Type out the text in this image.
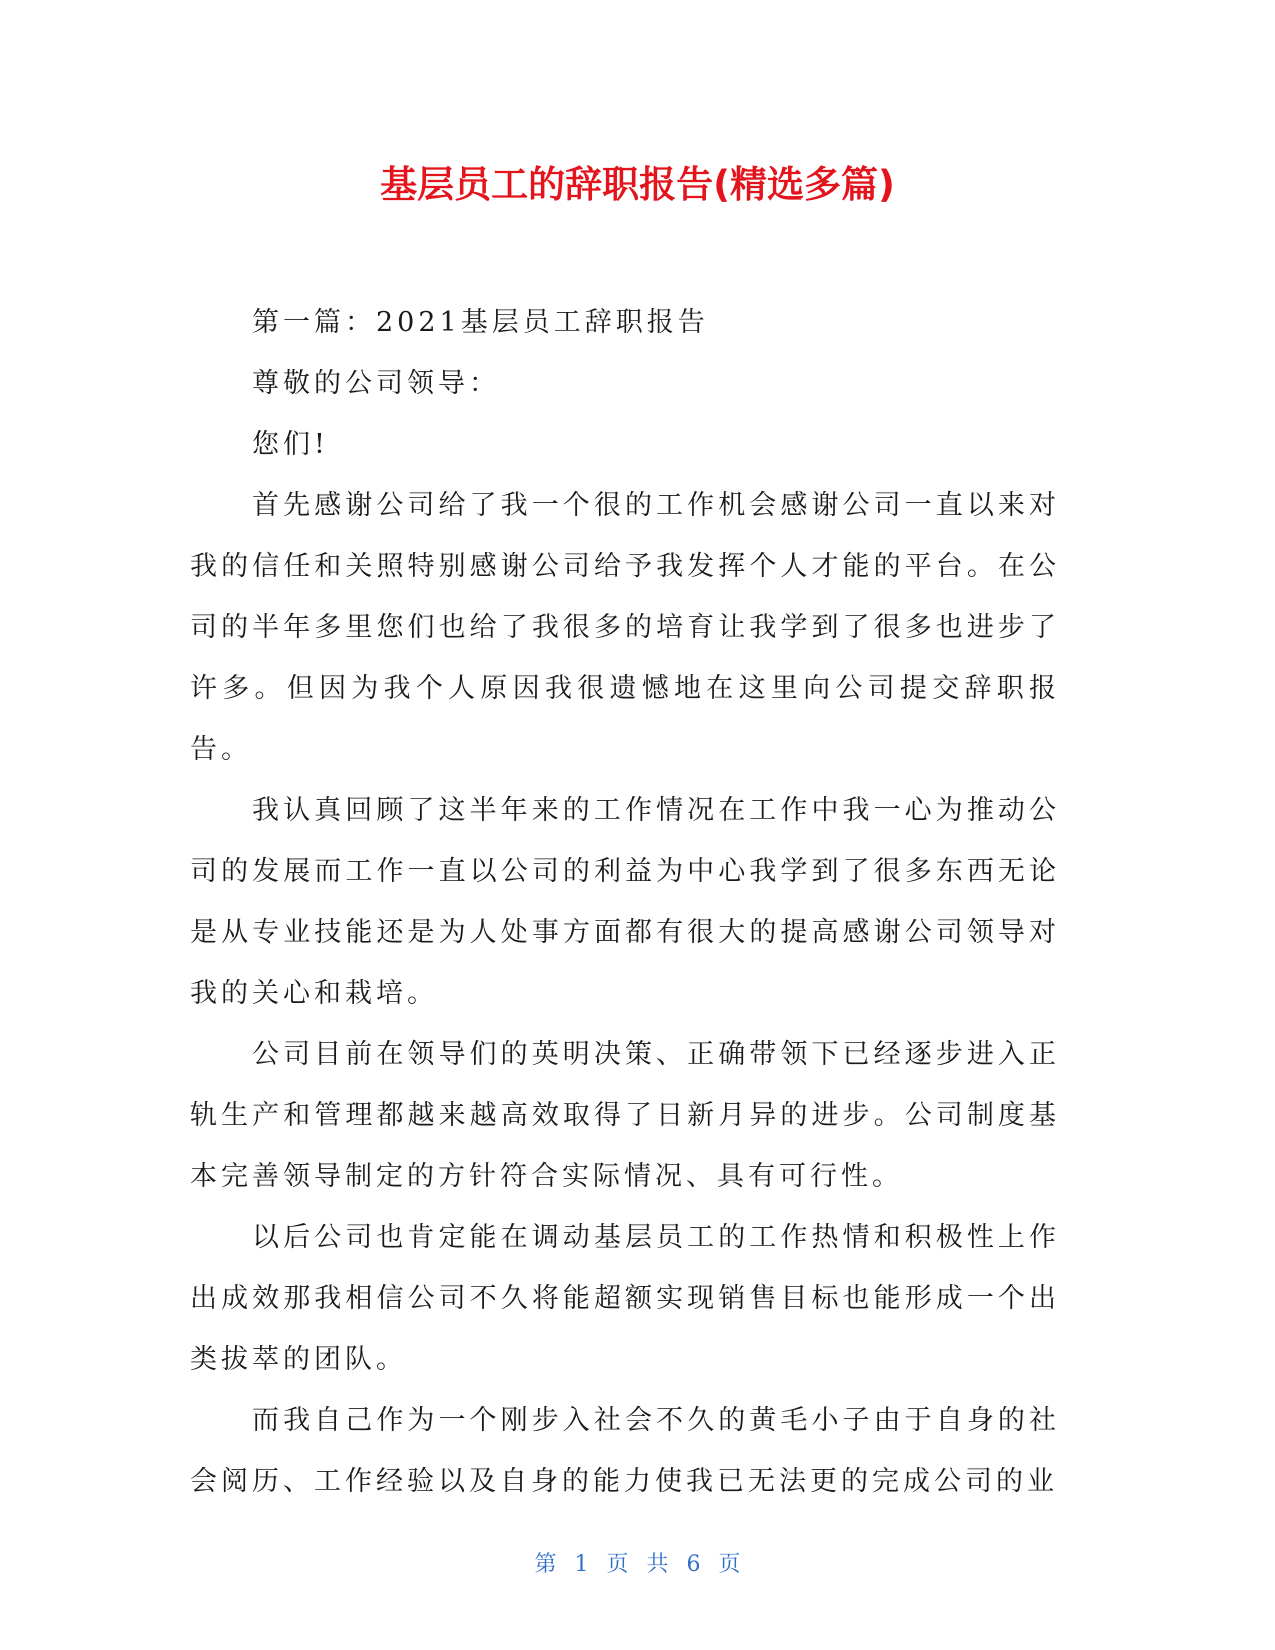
基层员工的辞职报告(精选多篇)

第一篇：2021基层员工辞职报告

尊敬的公司领导：

您们!

首先感谢公司给了我一个很的工作机会感谢公司一直以来对我的信任和关照特别感谢公司给予我发挥个人才能的平台。在公司的半年多里您们也给了我很多的培育让我学到了很多也进步了许多。但因为我个人原因我很遗憾地在这里向公司提交辞职报告。

我认真回顾了这半年来的工作情况在工作中我一心为推动公司的发展而工作一直以公司的利益为中心我学到了很多东西无论是从专业技能还是为人处事方面都有很大的提高感谢公司领导对我的关心和栽培。

公司目前在领导们的英明决策、正确带领下已经逐步进入正轨生产和管理都越来越高效取得了日新月异的进步。公司制度基本完善领导制定的方针符合实际情况、具有可行性。

以后公司也肯定能在调动基层员工的工作热情和积极性上作出成效那我相信公司不久将能超额实现销售目标也能形成一个出类拔萃的团队。

而我自己作为一个刚步入社会不久的黄毛小子由于自身的社会阅历、工作经验以及自身的能力使我已无法更的完成公司的业

第 1 页 共 6 页
